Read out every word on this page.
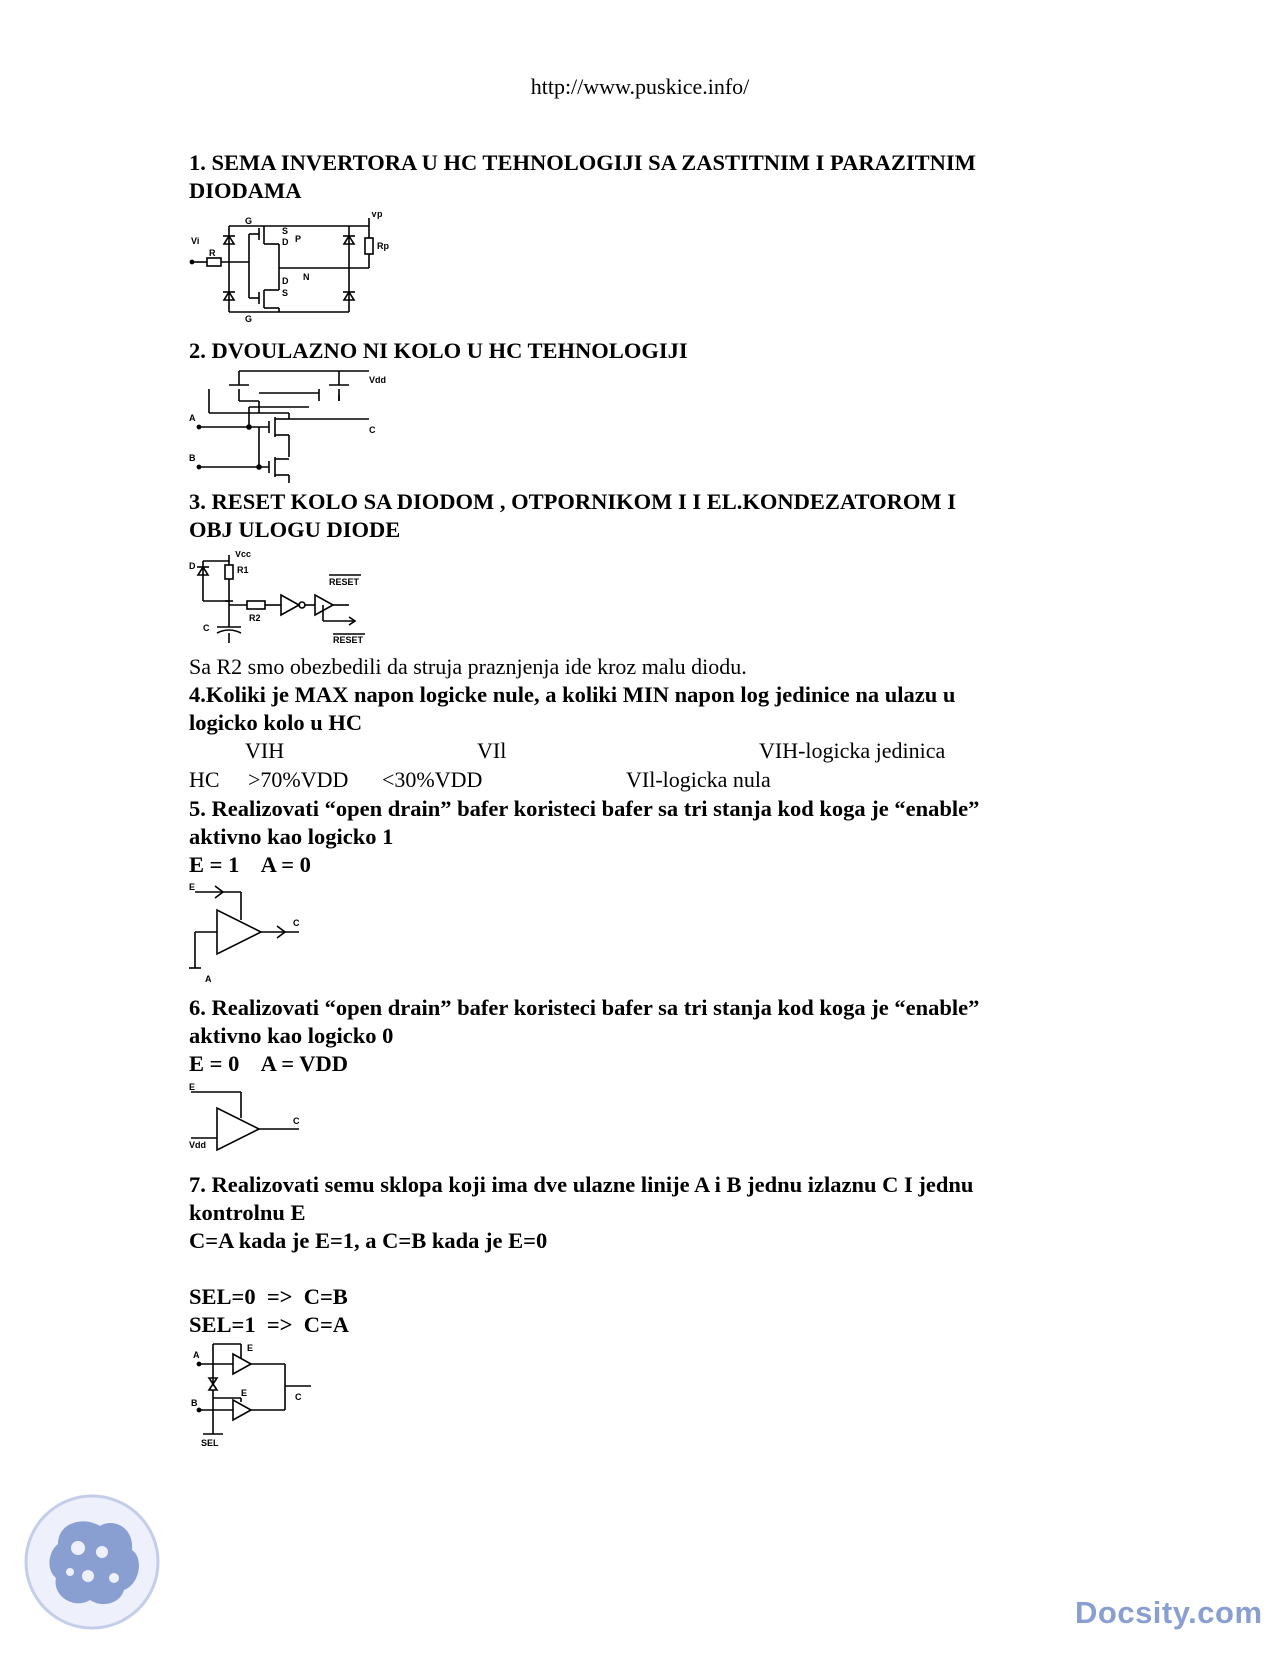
http://www.puskice.info/
1. SEMA INVERTORA U HC TEHNOLOGIJI SA ZASTITNIM I PARAZITNIM
DIODAMA
Vp
Vi
R
G
G
S
D P
Rp
D
S
N
2. DVOULAZNO NI KOLO U HC TEHNOLOGIJI
Vdd
A
B
C
3. RESET KOLO SA DIODOM , OTPORNIKOM I I EL.KONDEZATOROM I
OBJ ULOGU DIODE
Vcc
D	R1
R2
C
RESET
RESET
Sa R2 smo obezbedili da struja praznjenja ide kroz malu diodu.
4.Koliki je MAX napon logicke nule, a koliki MIN napon log jedinice na ulazu u
logicko kolo u HC
VIH	VIl	VIH-logicka jedinica
HC >70%VDD <30%VDD	VIl-logicka nula
5. Realizovati “open drain” bafer koristeci bafer sa tri stanja kod koga je “enable”
aktivno kao logicko 1
E = 1    A = 0
E
C
A
6. Realizovati “open drain” bafer koristeci bafer sa tri stanja kod koga je “enable”
aktivno kao logicko 0
E = 0    A = VDD
E
C
Vdd
7. Realizovati semu sklopa koji ima dve ulazne linije A i B jednu izlaznu C I jednu
kontrolnu E
C=A kada je E=1, a C=B kada je E=0
SEL=0  =>  C=B
SEL=1  =>  C=A
A
E
E
B
C
SEL
Docsity.com
